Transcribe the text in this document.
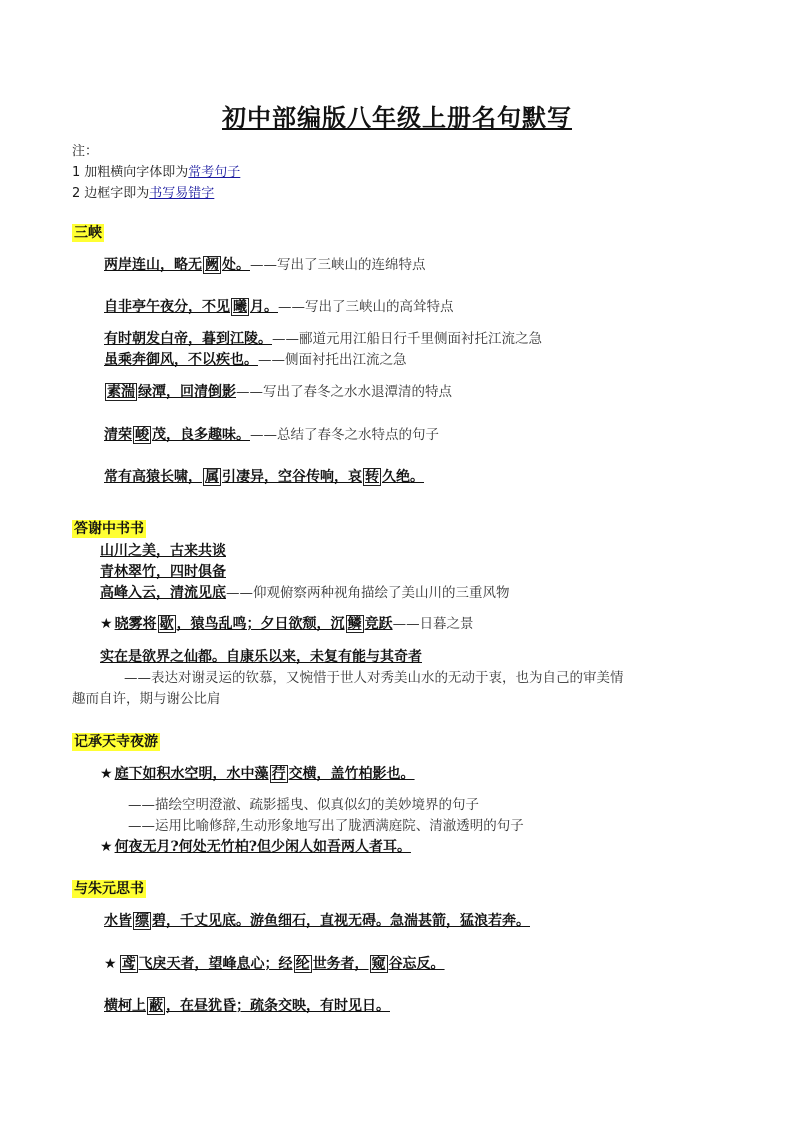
初中部编版八年级上册名句默写
注：
1 加粗横向字体即为常考句子
2 边框字即为书写易错字
三峡
两岸连山，略无 阙 处。——写出了三峡山的连绵特点
自非亭午夜分，不见 曦 月。——写出了三峡山的高耸特点
有时朝发白帝，暮到江陵。——郦道元用江船日行千里侧面衬托江流之急
虽乘奔御风，不以疾也。——侧面衬托出江流之急
素湍 绿潭，回清倒影——写出了春冬之水水退潭清的特点
清荣 峻 茂，良多趣味。——总结了春冬之水特点的句子
常有高猿长啸， 属 引凄异，空谷传响，哀 转 久绝。
答谢中书书
山川之美，古来共谈
青林翠竹，四时俱备
高峰入云，清流见底——仰观俯察两种视角描绘了美山川的三重风物
★ 晓雾将 歇 ，猿鸟乱鸣；夕日欲颓，沉 鳞 竞跃——日暮之景
实在是欲界之仙都。自康乐以来，未复有能与其奇者
——表达对谢灵运的钦慕，又惋惜于世人对秀美山水的无动于衷，也为自己的审美情
趣而自许，期与谢公比肩
记承天寺夜游
★ 庭下如积水空明，水中藻 荇 交横，盖竹柏影也。
——描绘空明澄澈、疏影摇曳、似真似幻的美妙境界的句子
——运用比喻修辞,生动形象地写出了胧洒满庭院、清澈透明的句子
★ 何夜无月?何处无竹柏?但少闲人如吾两人者耳。
与朱元思书
水皆 缥 碧，千丈见底。游鱼细石，直视无碍。急湍甚箭，猛浪若奔。
★ 鸢 飞戾天者，望峰息心；经 纶 世务者， 窥 谷忘反。
横柯上 蔽 ，在昼犹昏；疏条交映，有时见日。
